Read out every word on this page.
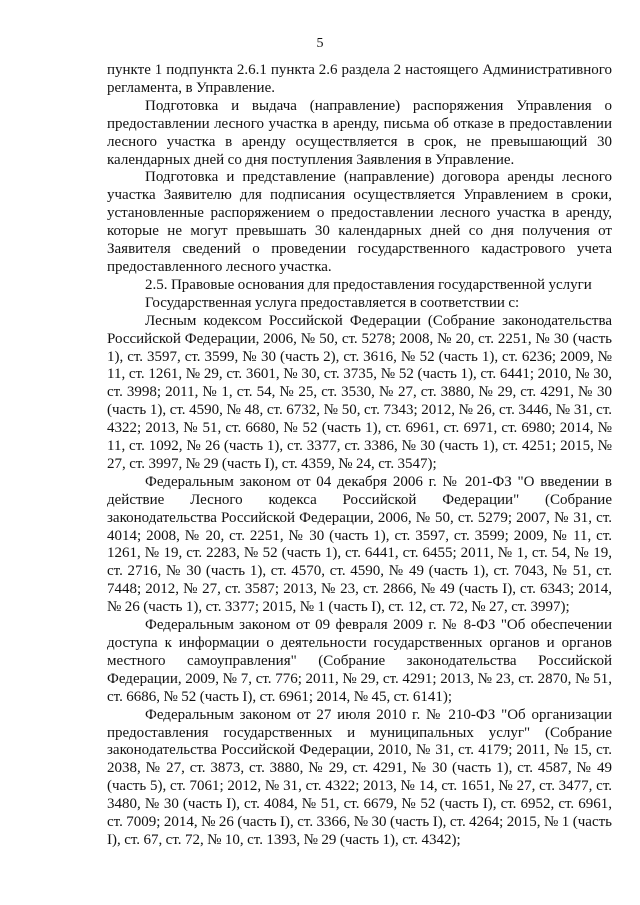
5

пункте 1 подпункта 2.6.1 пункта 2.6 раздела 2 настоящего Административного регламента, в Управление.

Подготовка и выдача (направление) распоряжения Управления о предоставлении лесного участка в аренду, письма об отказе в предоставлении лесного участка в аренду осуществляется в срок, не превышающий 30 календарных дней со дня поступления Заявления в Управление.

Подготовка и представление (направление) договора аренды лесного участка Заявителю для подписания осуществляется Управлением в сроки, установленные распоряжением о предоставлении лесного участка в аренду, которые не могут превышать 30 календарных дней со дня получения от Заявителя сведений о проведении государственного кадастрового учета предоставленного лесного участка.

2.5. Правовые основания для предоставления государственной услуги

Государственная услуга предоставляется в соответствии с:

Лесным кодексом Российской Федерации (Собрание законодательства Российской Федерации, 2006, № 50, ст. 5278; 2008, № 20, ст. 2251, № 30 (часть 1), ст. 3597, ст. 3599, № 30 (часть 2), ст. 3616, № 52 (часть 1), ст. 6236; 2009, № 11, ст. 1261, № 29, ст. 3601, № 30, ст. 3735, № 52 (часть 1), ст. 6441; 2010, № 30, ст. 3998; 2011, № 1, ст. 54, № 25, ст. 3530, № 27, ст. 3880, № 29, ст. 4291, № 30 (часть 1), ст. 4590, № 48, ст. 6732, № 50, ст. 7343; 2012, № 26, ст. 3446, № 31, ст. 4322; 2013, № 51, ст. 6680, № 52 (часть 1), ст. 6961, ст. 6971, ст. 6980; 2014, № 11, ст. 1092, № 26 (часть 1), ст. 3377, ст. 3386, № 30 (часть 1), ст. 4251; 2015, № 27, ст. 3997, № 29 (часть I), ст. 4359, № 24, ст. 3547);

Федеральным законом от 04 декабря 2006 г. № 201-ФЗ "О введении в действие Лесного кодекса Российской Федерации" (Собрание законодательства Российской Федерации, 2006, № 50, ст. 5279; 2007, № 31, ст. 4014; 2008, № 20, ст. 2251, № 30 (часть 1), ст. 3597, ст. 3599; 2009, № 11, ст. 1261, № 19, ст. 2283, № 52 (часть 1), ст. 6441, ст. 6455; 2011, № 1, ст. 54, № 19, ст. 2716, № 30 (часть 1), ст. 4570, ст. 4590, № 49 (часть 1), ст. 7043, № 51, ст. 7448; 2012, № 27, ст. 3587; 2013, № 23, ст. 2866, № 49 (часть I), ст. 6343; 2014, № 26 (часть 1), ст. 3377; 2015, № 1 (часть I), ст. 12, ст. 72, № 27, ст. 3997);

Федеральным законом от 09 февраля 2009 г. № 8-ФЗ "Об обеспечении доступа к информации о деятельности государственных органов и органов местного самоуправления" (Собрание законодательства Российской Федерации, 2009, № 7, ст. 776; 2011, № 29, ст. 4291; 2013, № 23, ст. 2870, № 51, ст. 6686, № 52 (часть I), ст. 6961; 2014, № 45, ст. 6141);

Федеральным законом от 27 июля 2010 г. № 210-ФЗ "Об организации предоставления государственных и муниципальных услуг" (Собрание законодательства Российской Федерации, 2010, № 31, ст. 4179; 2011, № 15, ст. 2038, № 27, ст. 3873, ст. 3880, № 29, ст. 4291, № 30 (часть 1), ст. 4587, № 49 (часть 5), ст. 7061; 2012, № 31, ст. 4322; 2013, № 14, ст. 1651, № 27, ст. 3477, ст. 3480, № 30 (часть I), ст. 4084, № 51, ст. 6679, № 52 (часть I), ст. 6952, ст. 6961, ст. 7009; 2014, № 26 (часть I), ст. 3366, № 30 (часть I), ст. 4264; 2015, № 1 (часть I), ст. 67, ст. 72, № 10, ст. 1393, № 29 (часть 1), ст. 4342);
